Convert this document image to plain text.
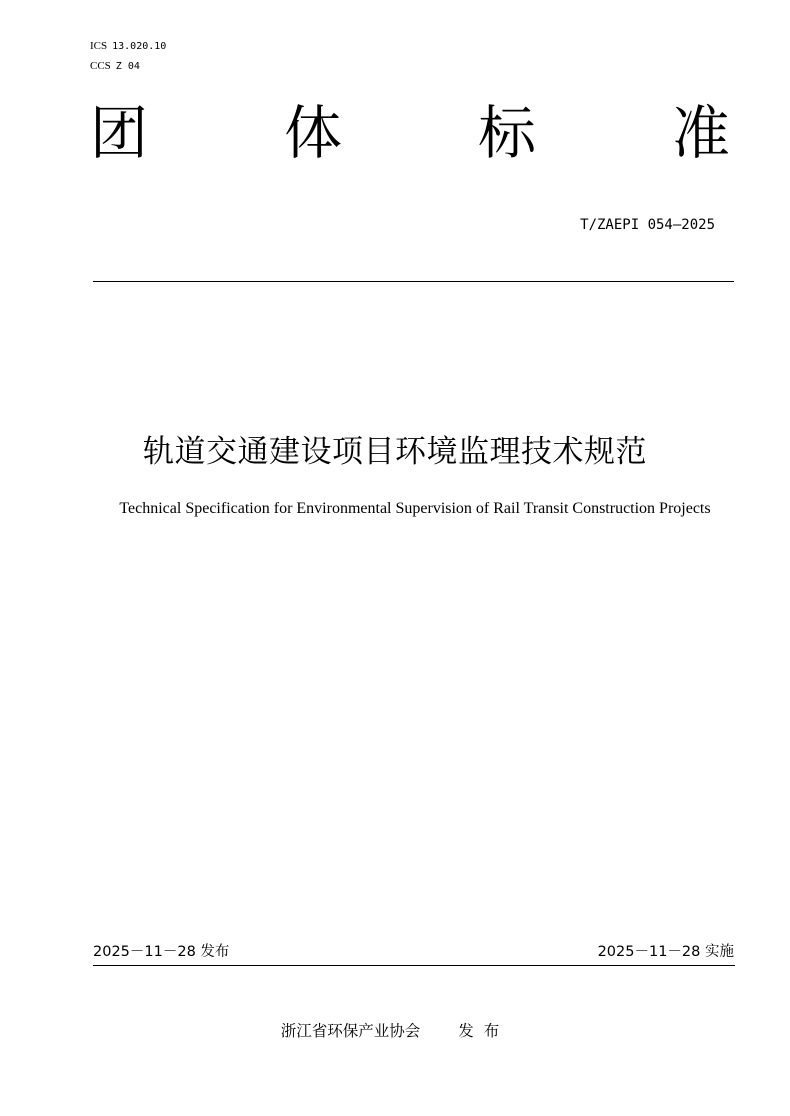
ICS 13.020.10
CCS Z 04
团 体 标 准
T/ZAEPI 054—2025
轨道交通建设项目环境监理技术规范
Technical Specification for Environmental Supervision of Rail Transit Construction Projects
2025－11－28 发布	2025－11－28 实施
浙江省环保产业协会 发布
